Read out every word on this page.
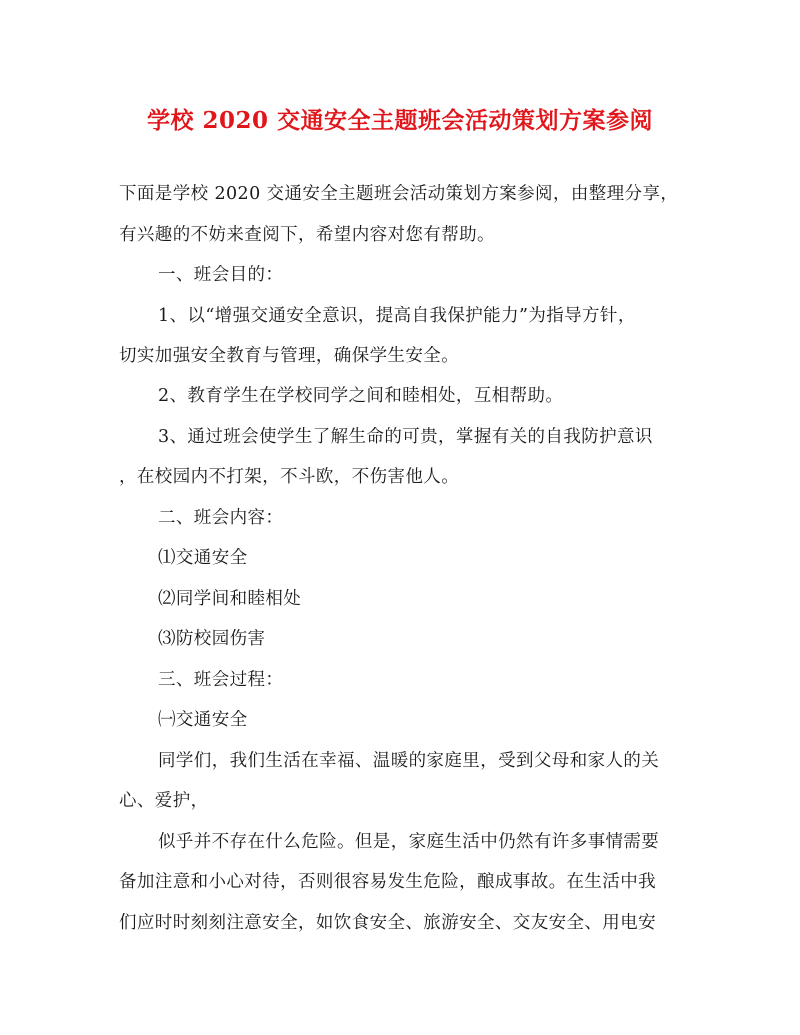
学校 2020 交通安全主题班会活动策划方案参阅
下面是学校 2020 交通安全主题班会活动策划方案参阅，由整理分享，
有兴趣的不妨来查阅下，希望内容对您有帮助。
一、班会目的：
1、以“增强交通安全意识，提高自我保护能力”为指导方针，
切实加强安全教育与管理，确保学生安全。
2、教育学生在学校同学之间和睦相处，互相帮助。
3、通过班会使学生了解生命的可贵，掌握有关的自我防护意识
，在校园内不打架，不斗欧，不伤害他人。
二、班会内容：
⑴交通安全
⑵同学间和睦相处
⑶防校园伤害
三、班会过程：
㈠交通安全
同学们，我们生活在幸福、温暖的家庭里，受到父母和家人的关
心、爱护，
似乎并不存在什么危险。但是，家庭生活中仍然有许多事情需要
备加注意和小心对待，否则很容易发生危险，酿成事故。在生活中我
们应时时刻刻注意安全，如饮食安全、旅游安全、交友安全、用电安
